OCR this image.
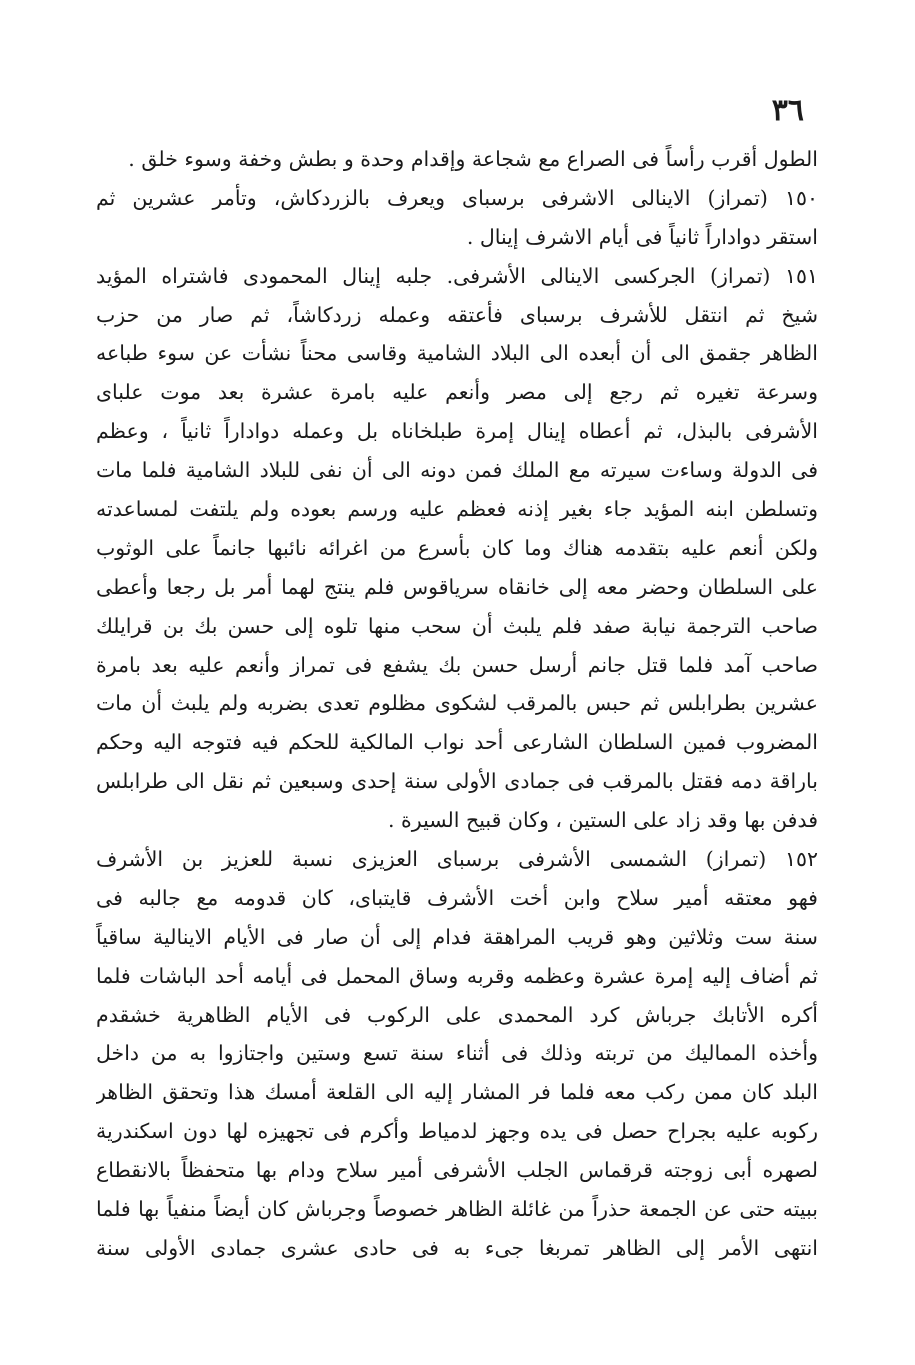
٣٦

الطول أقرب رأساً فى الصراع مع شجاعة وإقدام وحدة و بطش وخفة وسوء خلق .

١٥٠ (تمراز) الاينالى الاشرفى برسباى ويعرف بالزردكاش، وتأمر عشرين ثم

استقر دواداراً ثانياً فى أيام الاشرف إينال .

١٥١ (تمراز) الجركسى الاينالى الأشرفى. جلبه إينال المحمودى فاشتراه المؤيد

شيخ ثم انتقل للأشرف برسباى فأعتقه وعمله زردكاشاً، ثم صار من حزب

الظاهر جقمق الى أن أبعده الى البلاد الشامية وقاسى محناً نشأت عن سوء طباعه

وسرعة تغيره ثم رجع إلى مصر وأنعم عليه بامرة عشرة بعد موت علباى

الأشرفى بالبذل، ثم أعطاه إينال إمرة طبلخاناه بل وعمله دواداراً ثانياً ، وعظم

فى الدولة وساءت سيرته مع الملك فمن دونه الى أن نفى للبلاد الشامية فلما مات

وتسلطن ابنه المؤيد جاء بغير إذنه فعظم عليه ورسم بعوده ولم يلتفت لمساعدته

ولكن أنعم عليه بتقدمه هناك وما كان بأسرع من اغرائه نائبها جانماً على الوثوب

على السلطان وحضر معه إلى خانقاه سرياقوس فلم ينتج لهما أمر بل رجعا وأعطى

صاحب الترجمة نيابة صفد فلم يلبث أن سحب منها تلوه إلى حسن بك بن قرايلك

صاحب آمد فلما قتل جانم أرسل حسن بك يشفع فى تمراز وأنعم عليه بعد بامرة

عشرين بطرابلس ثم حبس بالمرقب لشكوى مظلوم تعدى بضربه ولم يلبث أن مات

المضروب فمين السلطان الشارعى أحد نواب المالكية للحكم فيه فتوجه اليه وحكم

باراقة دمه فقتل بالمرقب فى جمادى الأولى سنة إحدى وسبعين ثم نقل الى طرابلس

فدفن بها وقد زاد على الستين ، وكان قبيح السيرة .

١٥٢ (تمراز) الشمسى الأشرفى برسباى العزيزى نسبة للعزيز بن الأشرف

فهو معتقه أمير سلاح وابن أخت الأشرف قايتباى، كان قدومه مع جالبه فى

سنة ست وثلاثين وهو قريب المراهقة فدام إلى أن صار فى الأيام الاينالية ساقياً

ثم أضاف إليه إمرة عشرة وعظمه وقربه وساق المحمل فى أيامه أحد الباشات فلما

أكره الأتابك جرباش كرد المحمدى على الركوب فى الأيام الظاهرية خشقدم

وأخذه المماليك من تربته وذلك فى أثناء سنة تسع وستين واجتازوا به من داخل

البلد كان ممن ركب معه فلما فر المشار إليه الى القلعة أمسك هذا وتحقق الظاهر

ركوبه عليه بجراح حصل فى يده وجهز لدمياط وأكرم فى تجهيزه لها دون اسكندرية

لصهره أبى زوجته قرقماس الجلب الأشرفى أمير سلاح ودام بها متحفظاً بالانقطاع

ببيته حتى عن الجمعة حذراً من غائلة الظاهر خصوصاً وجرباش كان أيضاً منفياً بها فلما

انتهى الأمر إلى الظاهر تمربغا جىء به فى حادى عشرى جمادى الأولى سنة
